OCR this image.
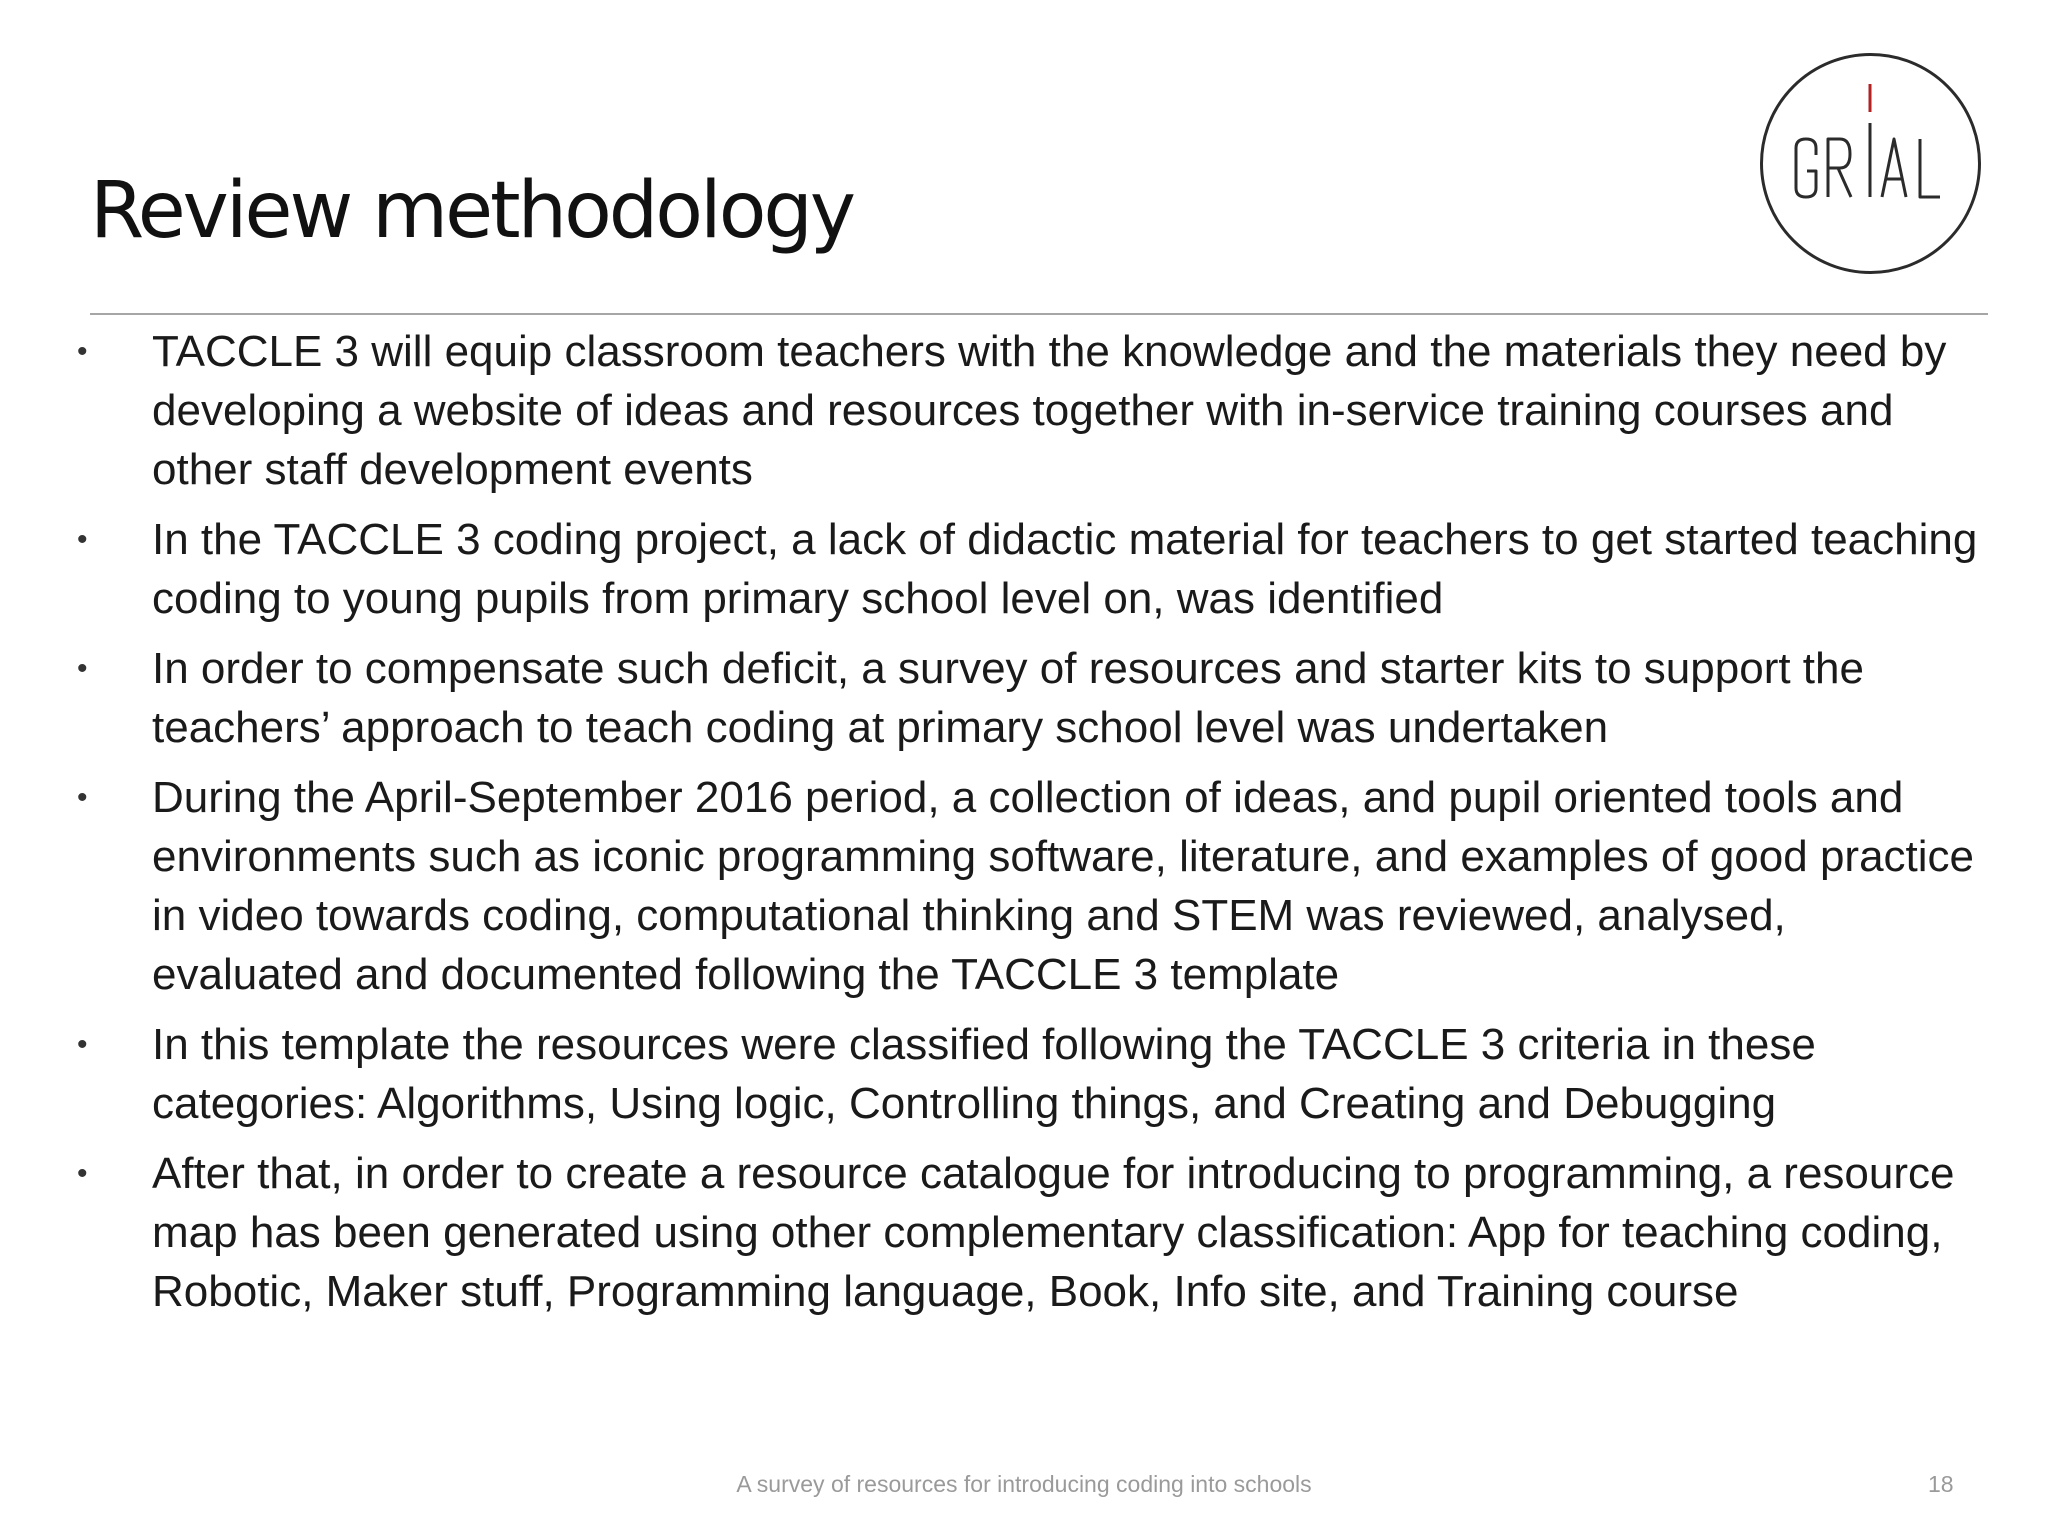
Review methodology
• TACCLE 3 will equip classroom teachers with the knowledge and the materials they need by developing a website of ideas and resources together with in-service training courses and other staff development events
• In the TACCLE 3 coding project, a lack of didactic material for teachers to get started teaching coding to young pupils from primary school level on, was identified
• In order to compensate such deficit, a survey of resources and starter kits to support the teachers’ approach to teach coding at primary school level was undertaken
• During the April-September 2016 period, a collection of ideas, and pupil oriented tools and environments such as iconic programming software, literature, and examples of good practice in video towards coding, computational thinking and STEM was reviewed, analysed, evaluated and documented following the TACCLE 3 template
• In this template the resources were classified following the TACCLE 3 criteria in these categories: Algorithms, Using logic, Controlling things, and Creating and Debugging
• After that, in order to create a resource catalogue for introducing to programming, a resource map has been generated using other complementary classification: App for teaching coding, Robotic, Maker stuff, Programming language, Book, Info site, and Training course
A survey of resources for introducing coding into schools	18
